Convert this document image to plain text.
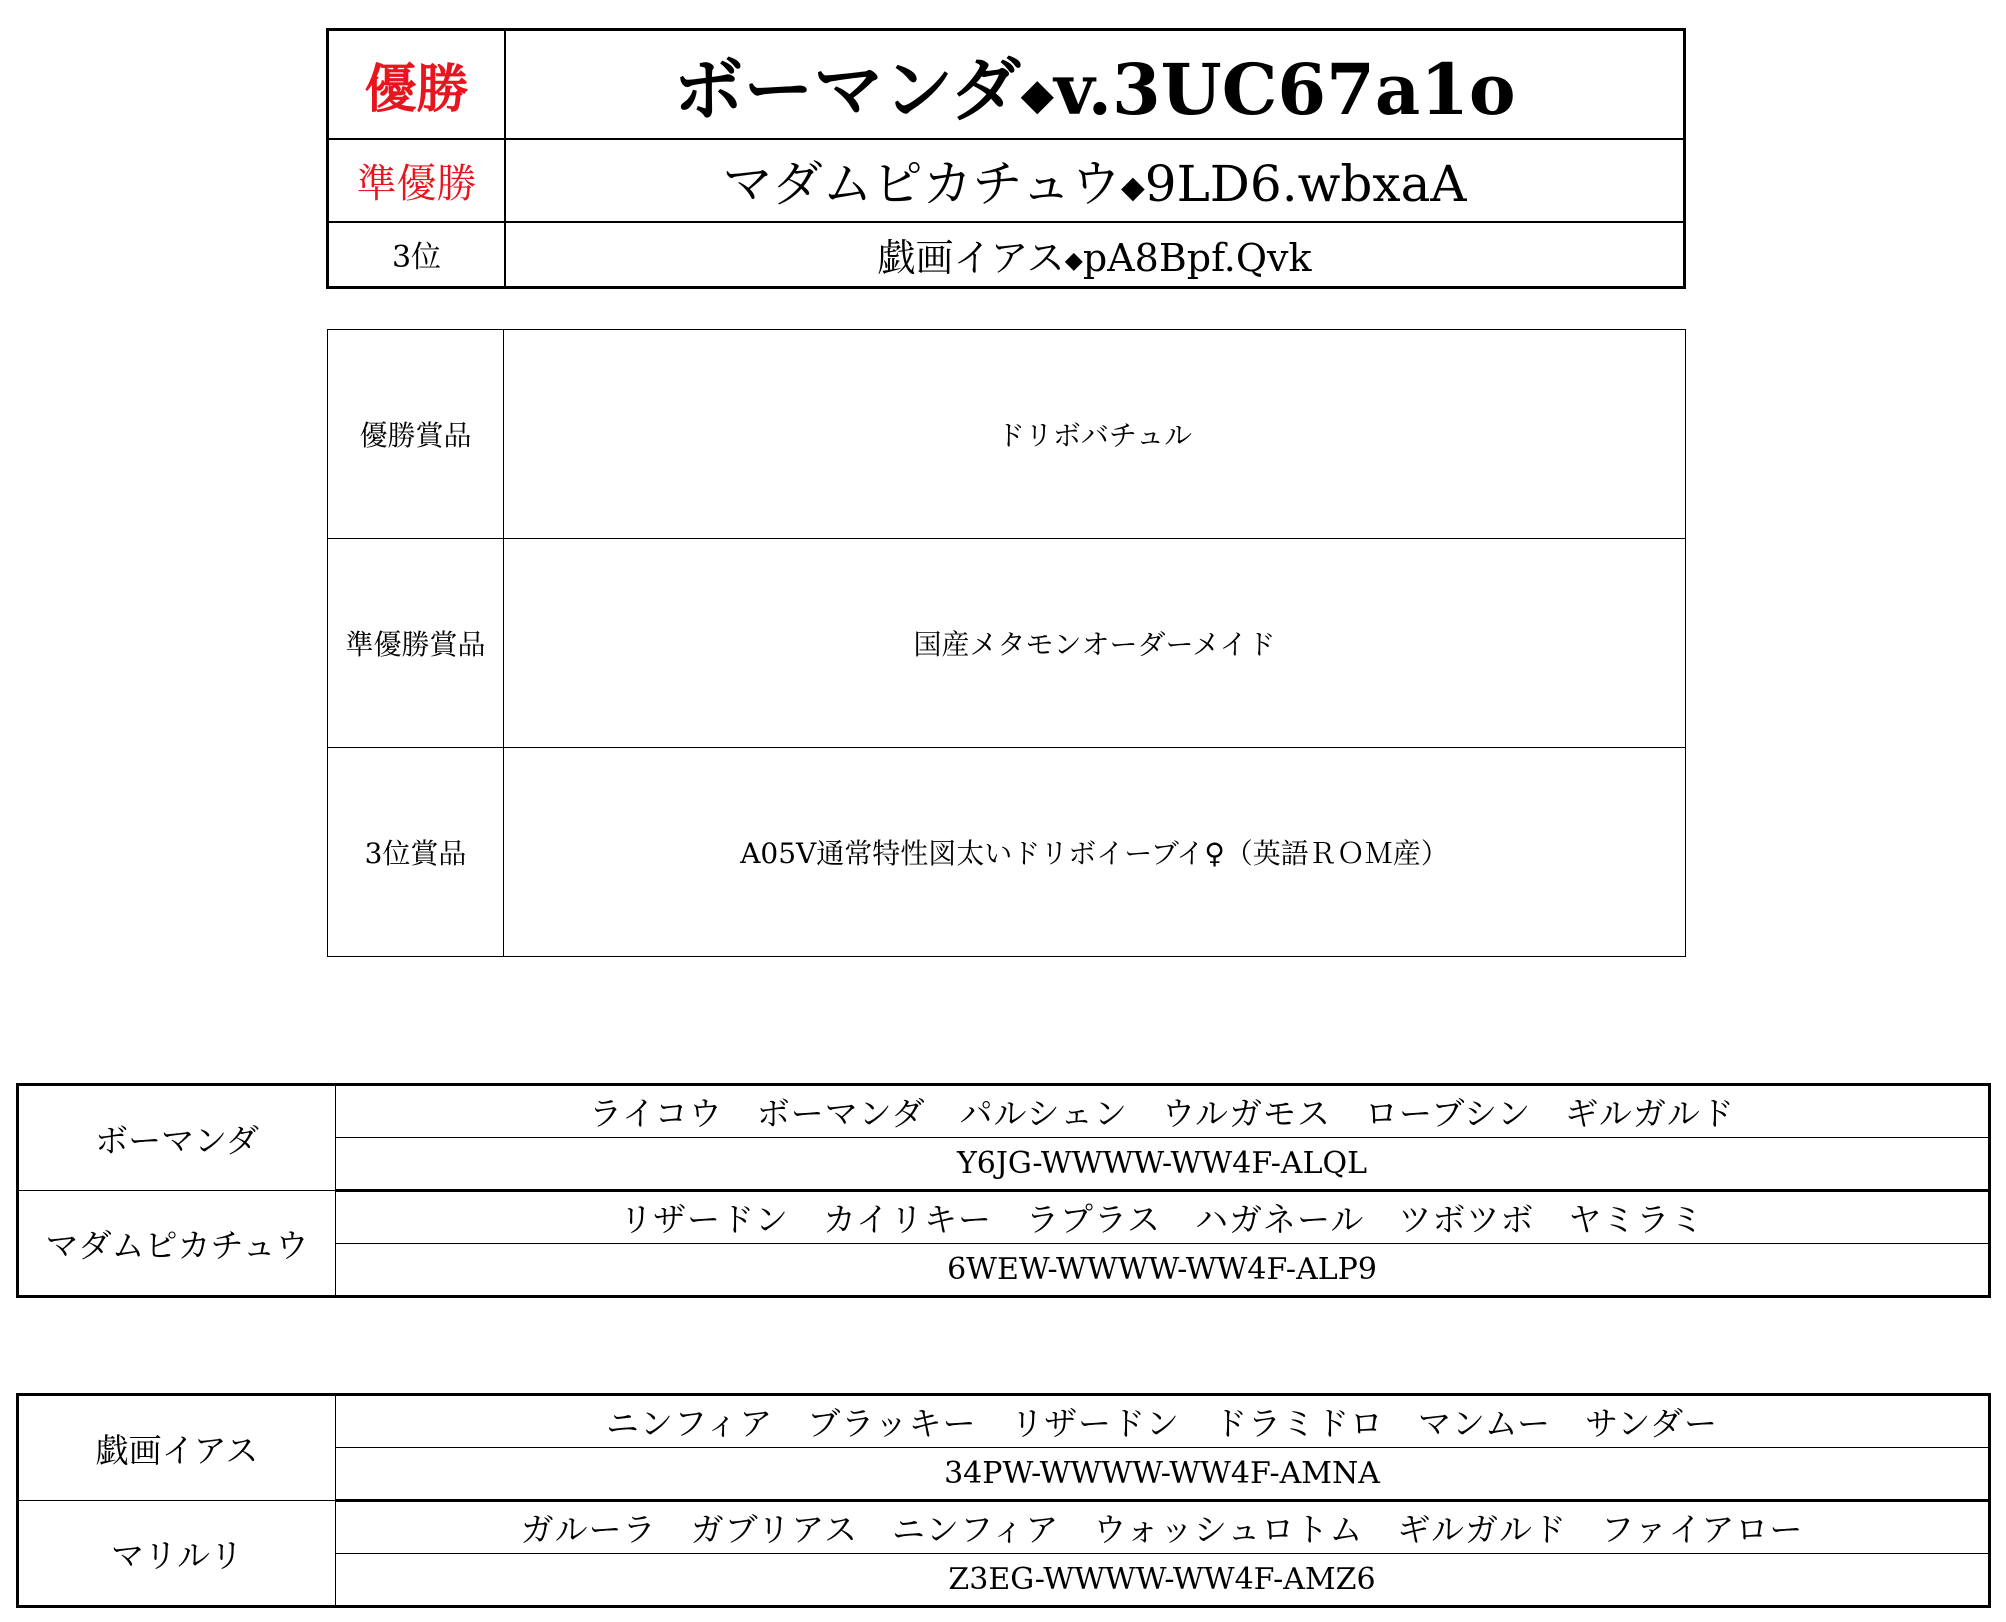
優勝	ボーマンダ◆v.3UC67a1o
準優勝	マダムピカチュウ◆9LD6.wbxaA
3位	戯画イアス◆pA8Bpf.Qvk
優勝賞品	ドリボバチュル
準優勝賞品	国産メタモンオーダーメイド
3位賞品	A05V通常特性図太いドリボイーブイ♀（英語ＲＯＭ産）
ボーマンダ	ライコウ　ボーマンダ　パルシェン　ウルガモス　ローブシン　ギルガルド
	Y6JG-WWWW-WW4F-ALQL
マダムピカチュウ	リザードン　カイリキー　ラプラス　ハガネール　ツボツボ　ヤミラミ
	6WEW-WWWW-WW4F-ALP9
戯画イアス	ニンフィア　ブラッキー　リザードン　ドラミドロ　マンムー　サンダー
	34PW-WWWW-WW4F-AMNA
マリルリ	ガルーラ　ガブリアス　ニンフィア　ウォッシュロトム　ギルガルド　ファイアロー
	Z3EG-WWWW-WW4F-AMZ6
